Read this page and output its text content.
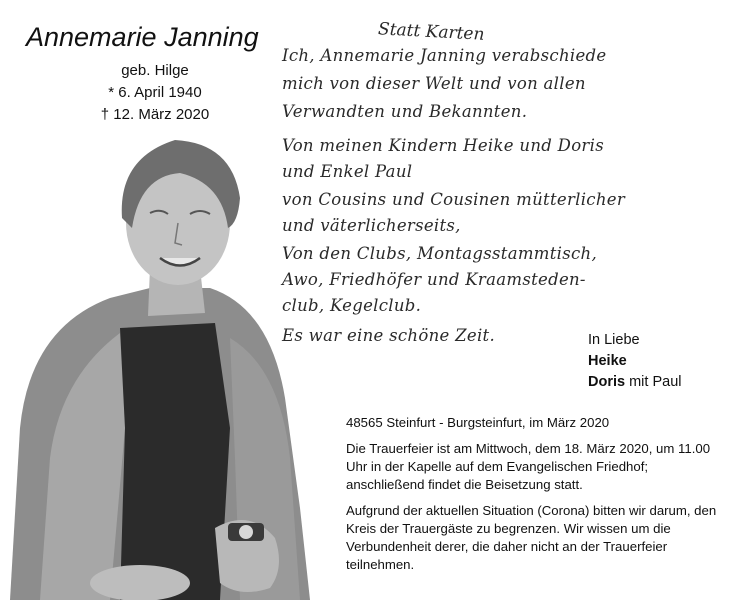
Annemarie Janning
geb. Hilge
* 6. April 1940
† 12. März 2020
Statt Karten
Ich, Annemarie Janning verabschiede
mich von dieser Welt und von allen
Verwandten und Bekannten.
Von meinen Kindern Heike und Doris
und Enkel Paul
von Cousins und Cousinen mütterlicher
und väterlicherseits,
Von den Clubs, Montagsstammtisch,
Awo, Friedhöfer und Kraamsteden-
club, Kegelclub.
Es war eine schöne Zeit.	In Liebe
Heike
Doris mit Paul

48565 Steinfurt - Burgsteinfurt, im März 2020

Die Trauerfeier ist am Mittwoch, dem 18. März 2020, um 11.00 Uhr in der Kapelle auf dem Evangelischen Friedhof; anschließend findet die Beisetzung statt.

Aufgrund der aktuellen Situation (Corona) bitten wir darum, den Kreis der Trauergäste zu begrenzen. Wir wissen um die Verbundenheit derer, die daher nicht an der Trauerfeier teilnehmen.
